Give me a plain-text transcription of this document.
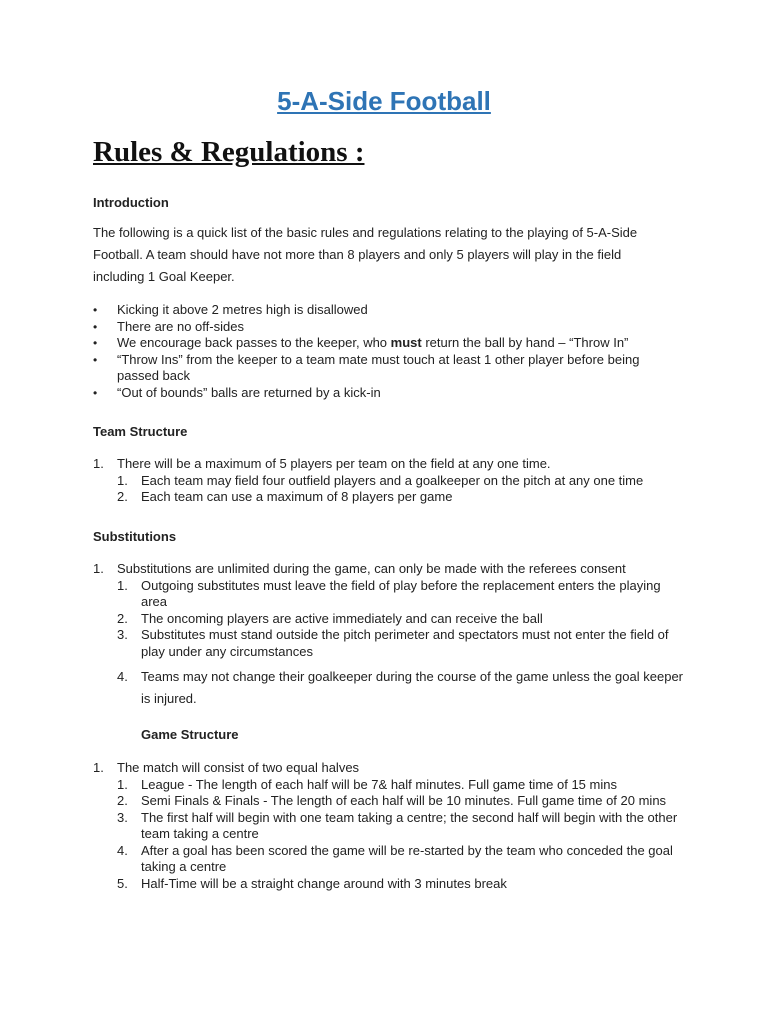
5-A-Side Football
Rules & Regulations :

Introduction

The following is a quick list of the basic rules and regulations relating to the playing of 5-A-Side Football. A team should have not more than 8 players and only 5 players will play in the field including 1 Goal Keeper.

• Kicking it above 2 metres high is disallowed
• There are no off-sides
• We encourage back passes to the keeper, who must return the ball by hand – “Throw In”
• “Throw Ins” from the keeper to a team mate must touch at least 1 other player before being passed back
• “Out of bounds” balls are returned by a kick-in

Team Structure

1. There will be a maximum of 5 players per team on the field at any one time.
1. Each team may field four outfield players and a goalkeeper on the pitch at any one time
2. Each team can use a maximum of 8 players per game

Substitutions

1. Substitutions are unlimited during the game, can only be made with the referees consent
1. Outgoing substitutes must leave the field of play before the replacement enters the playing area
2. The oncoming players are active immediately and can receive the ball
3. Substitutes must stand outside the pitch perimeter and spectators must not enter the field of play under any circumstances
4. Teams may not change their goalkeeper during the course of the game unless the goal keeper is injured.

Game Structure

1. The match will consist of two equal halves
1. League - The length of each half will be 7& half minutes. Full game time of 15 mins
2. Semi Finals & Finals - The length of each half will be 10 minutes. Full game time of 20 mins
3. The first half will begin with one team taking a centre; the second half will begin with the other team taking a centre
4. After a goal has been scored the game will be re-started by the team who conceded the goal taking a centre
5. Half-Time will be a straight change around with 3 minutes break
